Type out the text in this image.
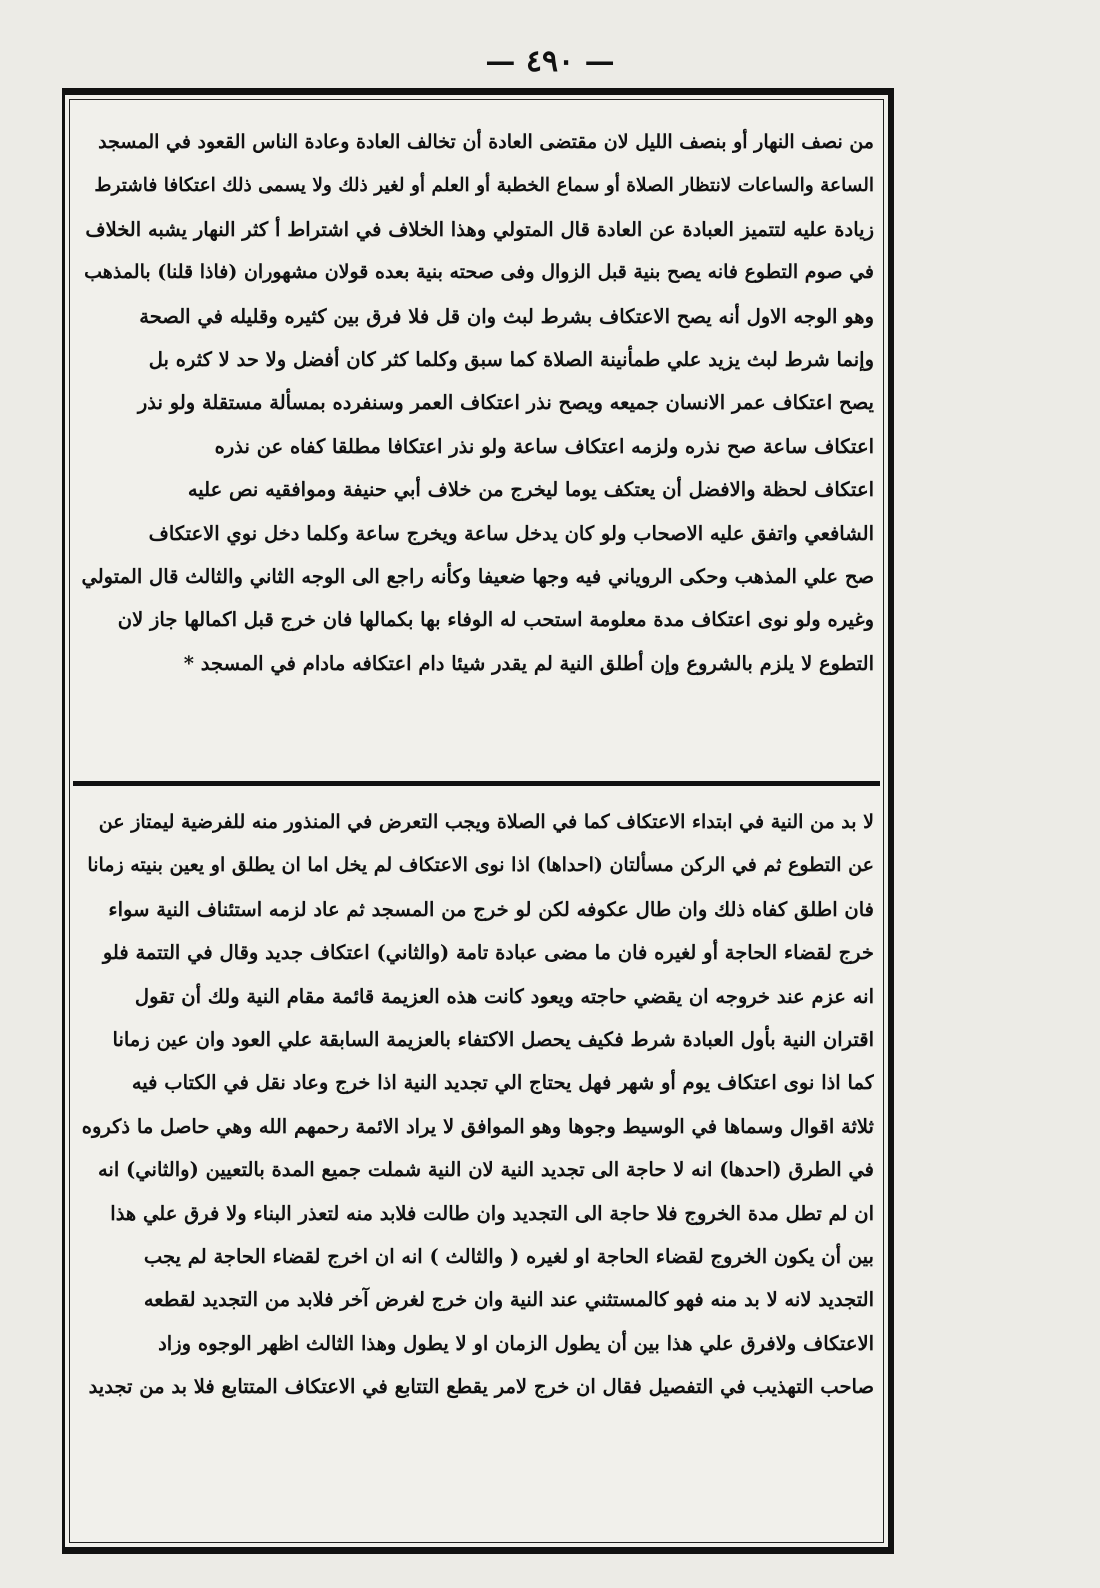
— ٤٩٠ —
من نصف النهار أو بنصف الليل لان مقتضى العادة أن تخالف العادة وعادة الناس القعود في المسجد
الساعة والساعات لانتظار الصلاة أو سماع الخطبة أو العلم أو لغير ذلك ولا يسمى ذلك اعتكافا فاشترط
زيادة عليه لتتميز العبادة عن العادة قال المتولي وهذا الخلاف في اشتراط أ كثر النهار يشبه الخلاف
في صوم التطوع فانه يصح بنية قبل الزوال وفى صحته بنية بعده قولان مشهوران (فاذا قلنا) بالمذهب
وهو الوجه الاول أنه يصح الاعتكاف بشرط لبث وان قل فلا فرق بين كثيره وقليله في الصحة
وإنما شرط لبث يزيد علي طمأنينة الصلاة كما سبق وكلما كثر كان أفضل ولا حد لا كثره بل
يصح اعتكاف عمر الانسان جميعه ويصح نذر اعتكاف العمر وسنفرده بمسألة مستقلة ولو نذر
اعتكاف ساعة صح نذره ولزمه اعتكاف ساعة ولو نذر اعتكافا مطلقا كفاه عن نذره
اعتكاف لحظة والافضل أن يعتكف يوما ليخرج من خلاف أبي حنيفة وموافقيه نص عليه
الشافعي واتفق عليه الاصحاب ولو كان يدخل ساعة ويخرج ساعة وكلما دخل نوي الاعتكاف
صح علي المذهب وحكى الروياني فيه وجها ضعيفا وكأنه راجع الى الوجه الثاني والثالث قال المتولي
وغيره ولو نوى اعتكاف مدة معلومة استحب له الوفاء بها بكمالها فان خرج قبل اكمالها جاز لان
التطوع لا يلزم بالشروع وإن أطلق النية لم يقدر شيئا دام اعتكافه مادام في المسجد *
لا بد من النية في ابتداء الاعتكاف كما في الصلاة ويجب التعرض في المنذور منه للفرضية ليمتاز عن
عن التطوع ثم في الركن مسألتان (احداها) اذا نوى الاعتكاف لم يخل اما ان يطلق او يعين بنيته زمانا
فان اطلق كفاه ذلك وان طال عكوفه لكن لو خرج من المسجد ثم عاد لزمه استئناف النية سواء
خرج لقضاء الحاجة أو لغيره فان ما مضى عبادة تامة (والثاني) اعتكاف جديد وقال في التتمة فلو
انه عزم عند خروجه ان يقضي حاجته ويعود كانت هذه العزيمة قائمة مقام النية ولك أن تقول
اقتران النية بأول العبادة شرط فكيف يحصل الاكتفاء بالعزيمة السابقة علي العود وان عين زمانا
كما اذا نوى اعتكاف يوم أو شهر فهل يحتاج الي تجديد النية اذا خرج وعاد نقل في الكتاب فيه
ثلاثة اقوال وسماها في الوسيط وجوها وهو الموافق لا يراد الائمة رحمهم الله وهي حاصل ما ذكروه
في الطرق (احدها) انه لا حاجة الى تجديد النية لان النية شملت جميع المدة بالتعيين (والثاني) انه
ان لم تطل مدة الخروج فلا حاجة الى التجديد وان طالت فلابد منه لتعذر البناء ولا فرق علي هذا
بين أن يكون الخروج لقضاء الحاجة او لغيره ( والثالث ) انه ان اخرج لقضاء الحاجة لم يجب
التجديد لانه لا بد منه فهو كالمستثني عند النية وان خرج لغرض آخر فلابد من التجديد لقطعه
الاعتكاف ولافرق علي هذا بين أن يطول الزمان او لا يطول وهذا الثالث اظهر الوجوه وزاد
صاحب التهذيب في التفصيل فقال ان خرج لامر يقطع التتابع في الاعتكاف المتتابع فلا بد من تجديد
